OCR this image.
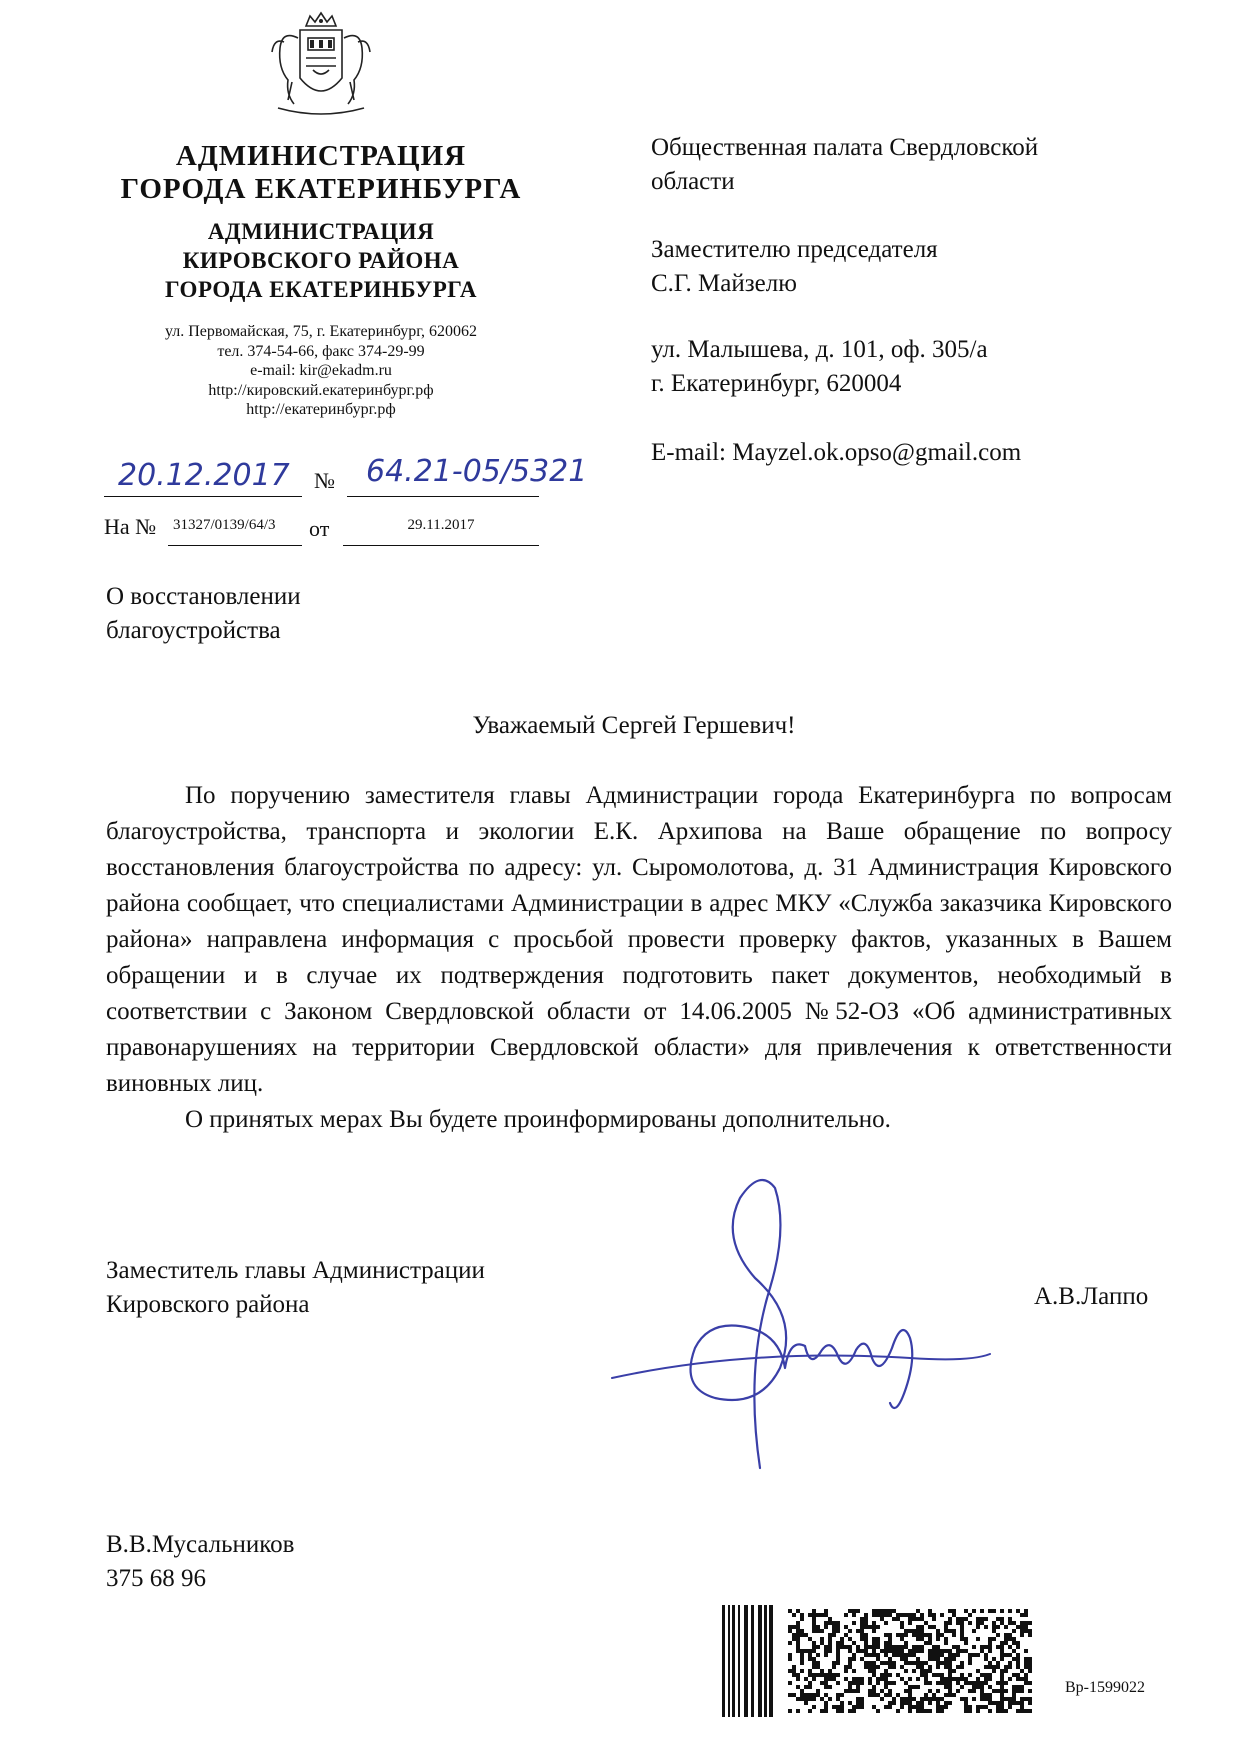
АДМИНИСТРАЦИЯ
ГОРОДА ЕКАТЕРИНБУРГА
АДМИНИСТРАЦИЯ
КИРОВСКОГО РАЙОНА
ГОРОДА ЕКАТЕРИНБУРГА
ул. Первомайская, 75, г. Екатеринбург, 620062
тел. 374-54-66, факс 374-29-99
e-mail: kir@ekadm.ru
http://кировский.екатеринбург.рф
http://екатеринбург.рф
20.12.2017 № 64.21-05/5321
На № 31327/0139/64/3 от	29.11.2017
О восстановлении
благоустройства
Общественная палата Свердловской
области
Заместителю председателя
С.Г. Майзелю
ул. Малышева, д. 101, оф. 305/а
г. Екатеринбург, 620004
E-mail: Mayzel.ok.opso@gmail.com
Уважаемый Сергей Гершевич!

По поручению заместителя главы Администрации города Екатеринбурга по вопросам благоустройства, транспорта и экологии Е.К. Архипова на Ваше обращение по вопросу восстановления благоустройства по адресу: ул. Сыромолотова, д. 31 Администрация Кировского района сообщает, что специалистами Администрации в адрес МКУ «Служба заказчика Кировского района» направлена информация с просьбой провести проверку фактов, указанных в Вашем обращении и в случае их подтверждения подготовить пакет документов, необходимый в соответствии с Законом Свердловской области от 14.06.2005 №52-ОЗ «Об административных правонарушениях на территории Свердловской области» для привлечения к ответственности виновных лиц.

О принятых мерах Вы будете проинформированы дополнительно.

Заместитель главы Администрации
Кировского района	А.В.Лаппо
В.В.Мусальников
375 68 96
Вр-1599022
